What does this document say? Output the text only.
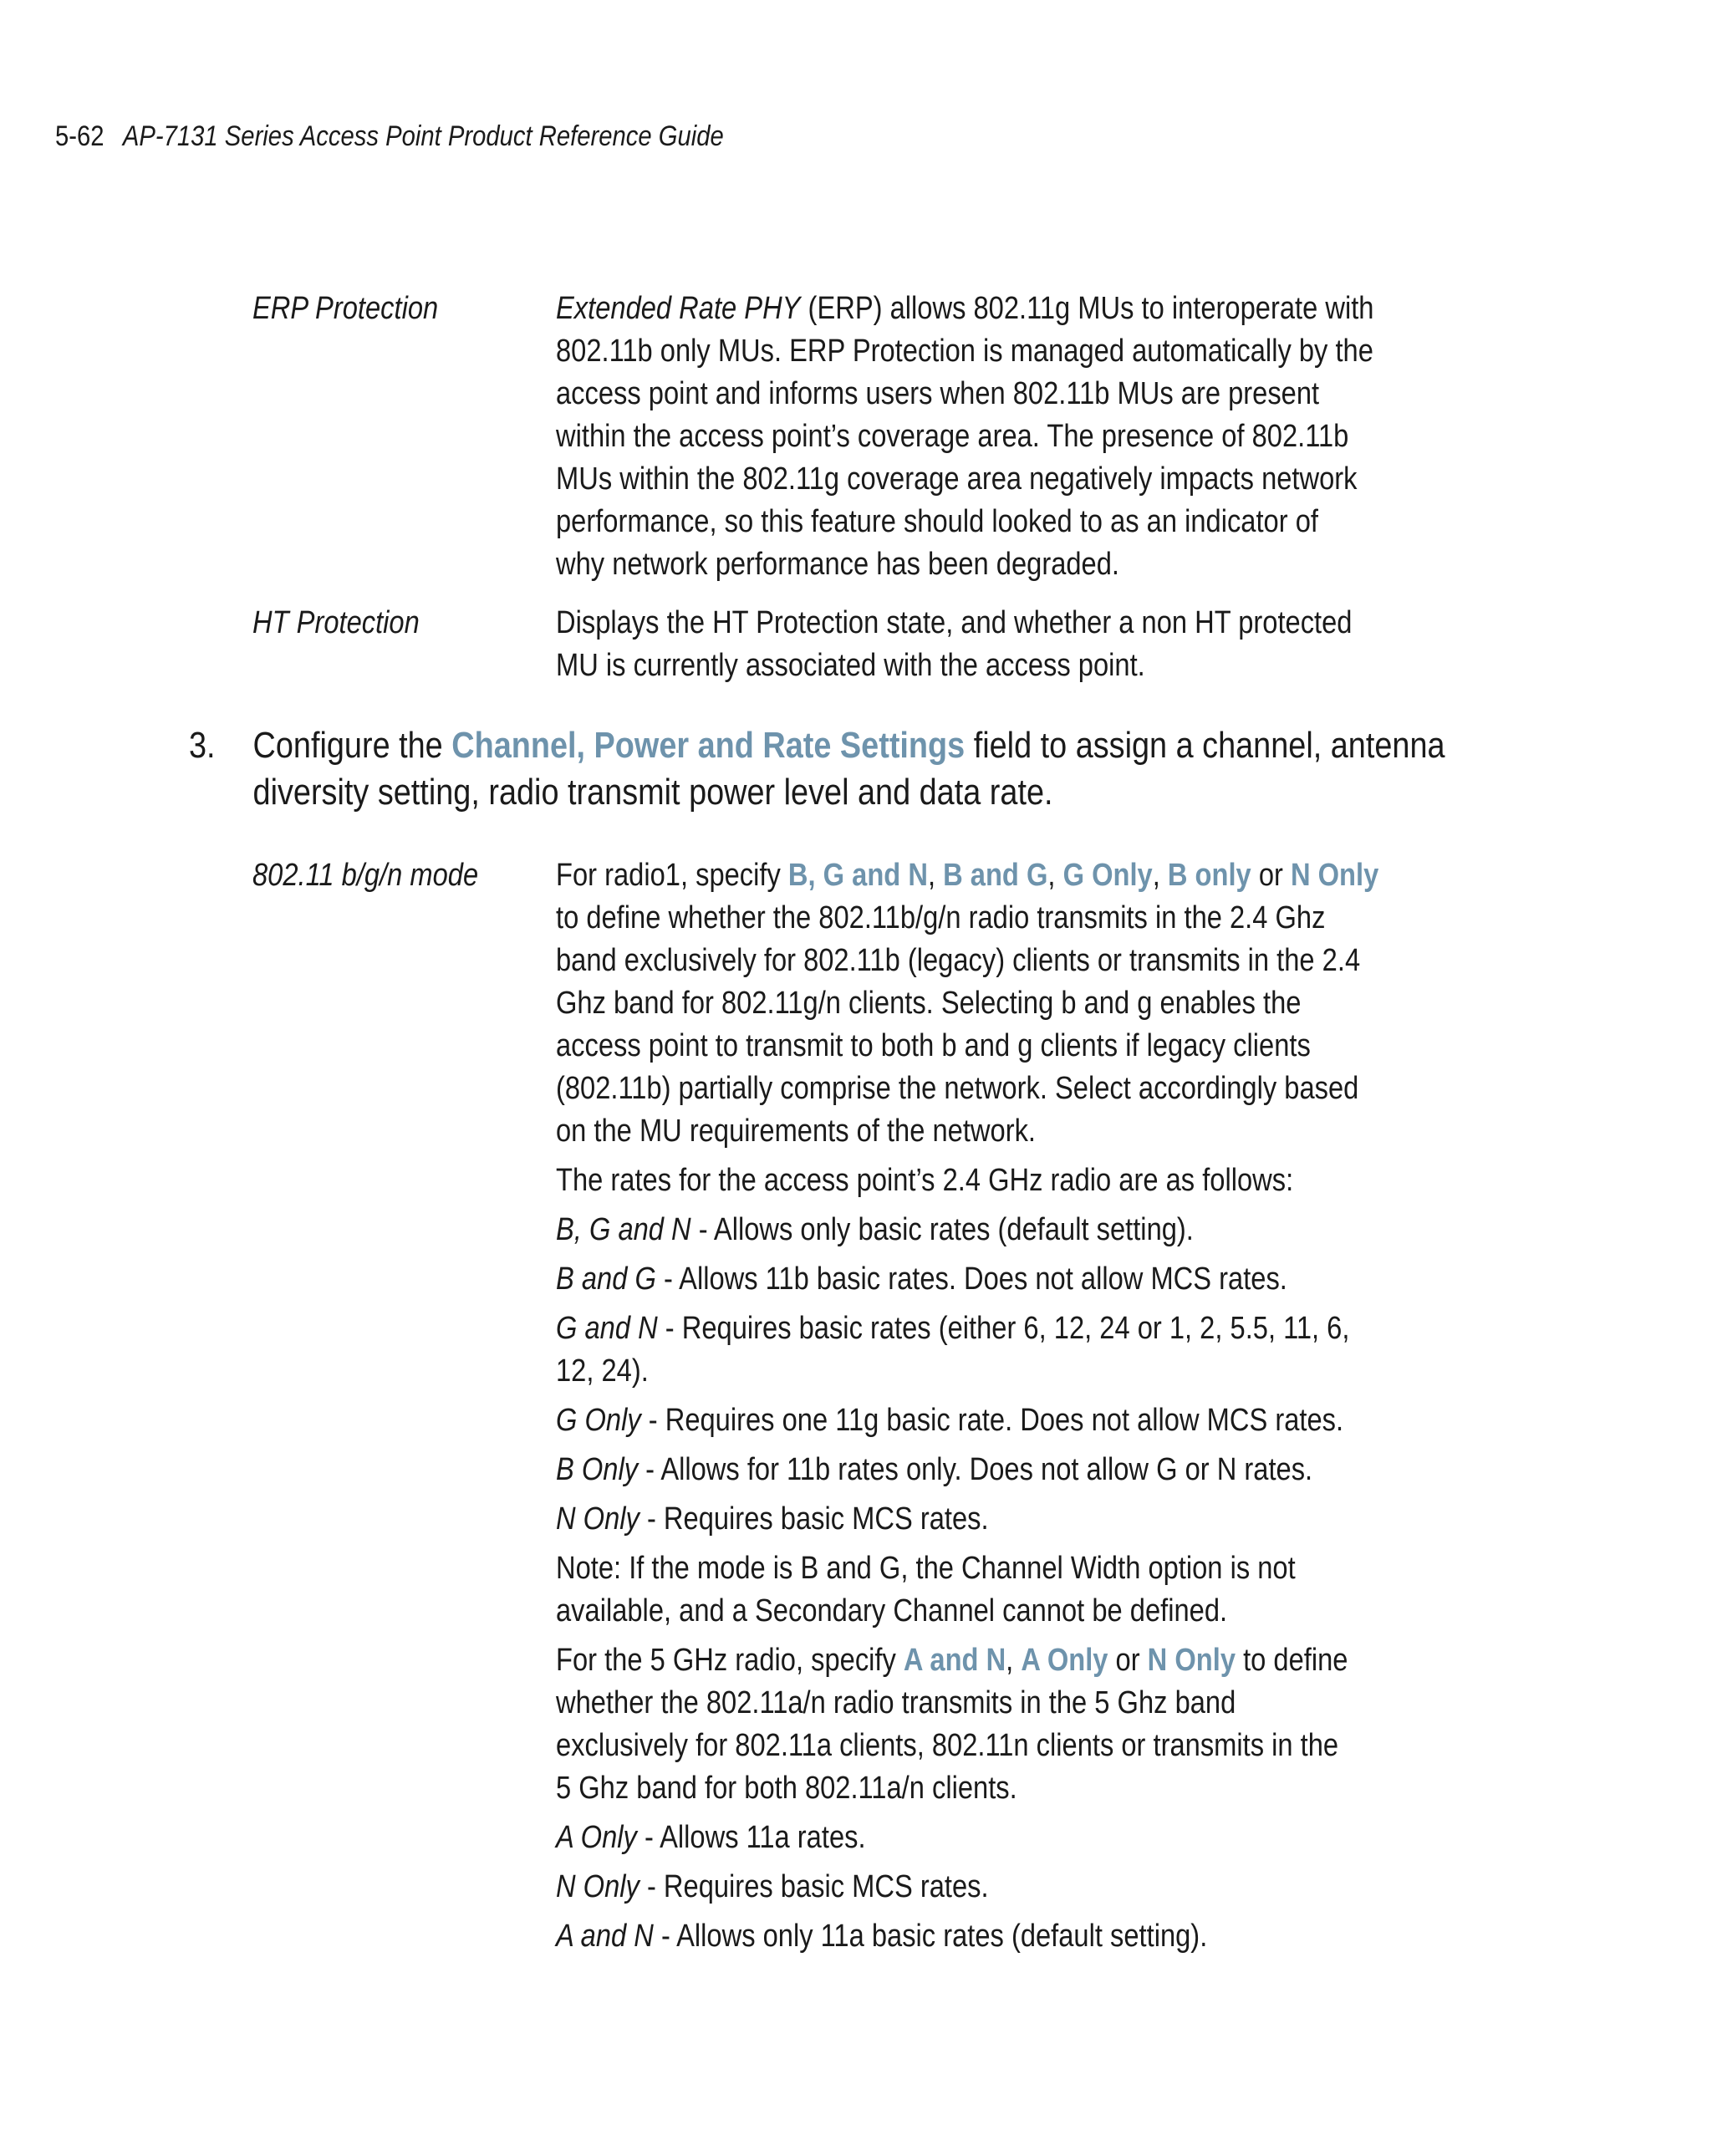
5-62 AP-7131 Series Access Point Product Reference Guide
ERP Protection	Extended Rate PHY (ERP) allows 802.11g MUs to interoperate with

802.11b only MUs. ERP Protection is managed automatically by the

access point and informs users when 802.11b MUs are present

within the access point’s coverage area. The presence of 802.11b

MUs within the 802.11g coverage area negatively impacts network

performance, so this feature should looked to as an indicator of

why network performance has been degraded.

HT Protection	Displays the HT Protection state, and whether a non HT protected

MU is currently associated with the access point.

3. Configure the Channel, Power and Rate Settings field to assign a channel, antenna
diversity setting, radio transmit power level and data rate.
802.11 b/g/n mode For radio1, specify B, G and N, B and G, G Only, B only or N Only

to define whether the 802.11b/g/n radio transmits in the 2.4 Ghz

band exclusively for 802.11b (legacy) clients or transmits in the 2.4

Ghz band for 802.11g/n clients. Selecting b and g enables the

access point to transmit to both b and g clients if legacy clients

(802.11b) partially comprise the network. Select accordingly based

on the MU requirements of the network.

The rates for the access point’s 2.4 GHz radio are as follows:

B, G and N - Allows only basic rates (default setting).

B and G - Allows 11b basic rates. Does not allow MCS rates.

G and N - Requires basic rates (either 6, 12, 24 or 1, 2, 5.5, 11, 6,

12, 24).

G Only - Requires one 11g basic rate. Does not allow MCS rates.

B Only - Allows for 11b rates only. Does not allow G or N rates.

N Only - Requires basic MCS rates.

Note: If the mode is B and G, the Channel Width option is not

available, and a Secondary Channel cannot be defined.

For the 5 GHz radio, specify A and N, A Only or N Only to define

whether the 802.11a/n radio transmits in the 5 Ghz band

exclusively for 802.11a clients, 802.11n clients or transmits in the

5 Ghz band for both 802.11a/n clients.

A Only - Allows 11a rates.

N Only - Requires basic MCS rates.

A and N - Allows only 11a basic rates (default setting).
